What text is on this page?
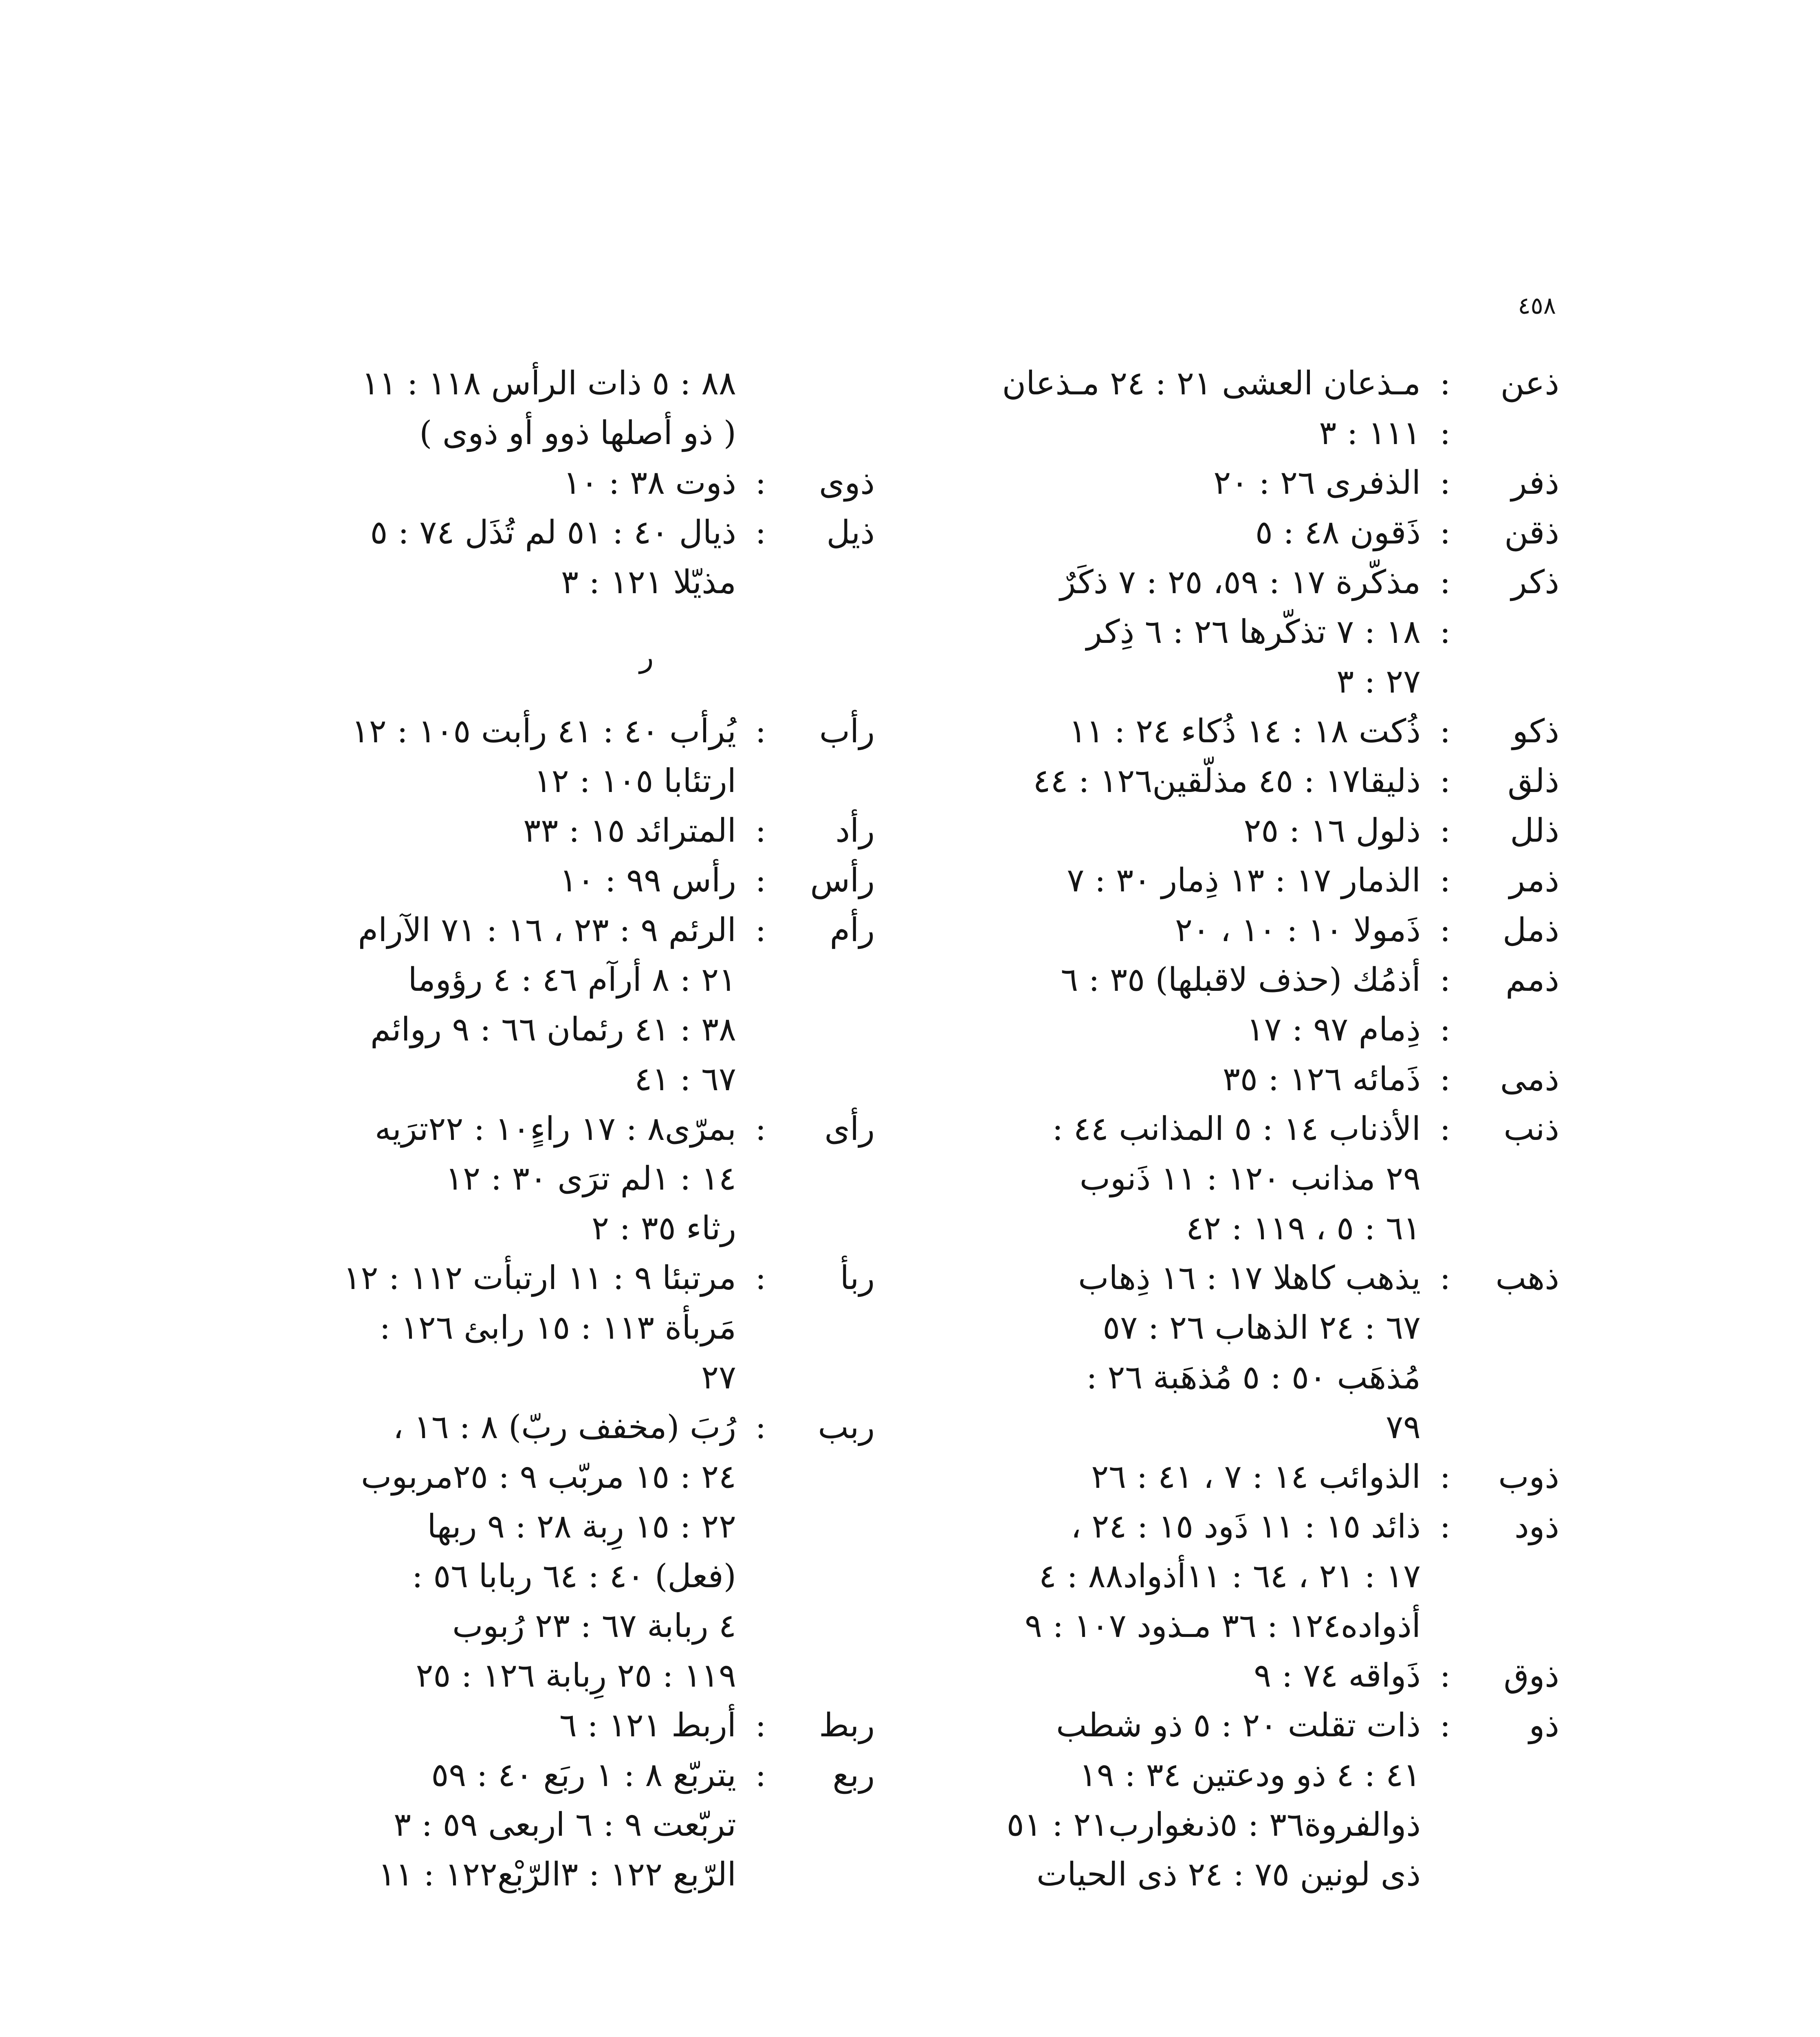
٤٥٨
ذعن
:
:
مـذعان العشى ٢١ : ٢٤ مـذعان
١١١ : ٣
ذفر
:
الذفرى ٢٦ : ٢٠
ذقن
:
ذَقون ٤٨ : ٥
ذكر
:
:
مذكّرة ١٧ : ٥٩، ٢٥ : ٧ ذكَرٌ
١٨ : ٧ تذكّرها ٢٦ : ٦ ذِكر
٢٧ : ٣
ذكو
:
ذُكت ١٨ : ١٤ ذُكاء ٢٤ : ١١
ذلق
:
ذليقا١٧ : ٤٥ مذلّقين١٢٦ : ٤٤
ذلل
:
ذلول ١٦ : ٢٥
ذمر
:
الذمار ١٧ : ١٣ ذِمار ٣٠ : ٧
ذمل
:
ذَمولا ١٠ : ١٠ ، ٢٠
ذمم
:
:
أذمُك (حذف لاقبلها) ٣٥ : ٦
ذِمام ٩٧ : ١٧
ذمى
:
ذَمائه ١٢٦ : ٣٥
ذنب
:
الأذناب ١٤ : ٥ المذانب ٤٤ :
٢٩ مذانب ١٢٠ : ١١ ذَنوب
٦١ : ٥ ، ١١٩ : ٤٢
ذهب
:
يذهب كاهلا ١٧ : ١٦ ذِهاب
٦٧ : ٢٤ الذهاب ٢٦ : ٥٧
مُذهَب ٥٠ : ٥ مُذهَبة ٢٦ :
٧٩
ذوب
:
الذوائب ١٤ : ٧ ، ٤١ : ٢٦
ذود
:
ذائد ١٥ : ١١ ذَود ١٥ : ٢٤ ،
١٧ : ٢١ ، ٦٤ : ١١أذواد٨٨ : ٤
أذواده١٢٤ : ٣٦ مـذود ١٠٧ : ٩
ذوق
:
ذَواقه ٧٤ : ٩
ذو
:
ذات تقلت ٢٠ : ٥ ذو شطب
٤١ : ٤ ذو ودعتين ٣٤ : ١٩
ذوالفروة٣٦ : ٥ذىغوارب٢١ : ٥١
ذى لونين ٧٥ : ٢٤ ذى الحيات
٨٨ : ٥ ذات الرأس ١١٨ : ١١
( ذو أصلها ذوو أو ذوى )
ذوى
:
ذوت ٣٨ : ١٠
ذيل
:
ذيال ٤٠ : ٥١ لم تُذَل ٧٤ : ٥
مذيّلا ١٢١ : ٣
ر
رأب
:
يُرأب ٤٠ : ٤١ رأبت ١٠٥ : ١٢
ارتئابا ١٠٥ : ١٢
رأد
:
المترائد ١٥ : ٣٣
رأس
:
رأس ٩٩ : ١٠
رأم
:
الرئم ٩ : ٢٣ ، ١٦ : ٧١ الآرام
٢١ : ٨ أرآم ٤٦ : ٤ رؤوما
٣٨ : ٤١ رئمان ٦٦ : ٩ روائم
٦٧ : ٤١
رأى
:
بمرّى٨ : ١٧ راءٍ١٠ : ٢٢ترَيه
١٤ : ١لم ترَى ٣٠ : ١٢
رثاء ٣٥ : ٢
ربأ
:
مرتبئا ٩ : ١١ ارتبأت ١١٢ : ١٢
مَربأة ١١٣ : ١٥ رابئ ١٢٦ :
٢٧
ربب
:
رُبَ (مخفف ربّ) ٨ : ١٦ ،
٢٤ : ١٥ مربّب ٩ : ٢٥مربوب
٢٢ : ١٥ رِبة ٢٨ : ٩ ربها
(فعل) ٤٠ : ٦٤ ربابا ٥٦ :
٤ ربابة ٦٧ : ٢٣ رُبوب
١١٩ : ٢٥ رِبابة ١٢٦ : ٢٥
ربط
:
أربط ١٢١ : ٦
ربع
:
يتربّع ٨ : ١ ربَع ٤٠ : ٥٩
تربّعت ٩ : ٦ اربعى ٥٩ : ٣
الرّبع ١٢٢ : ٣الرّبْع١٢٢ : ١١
